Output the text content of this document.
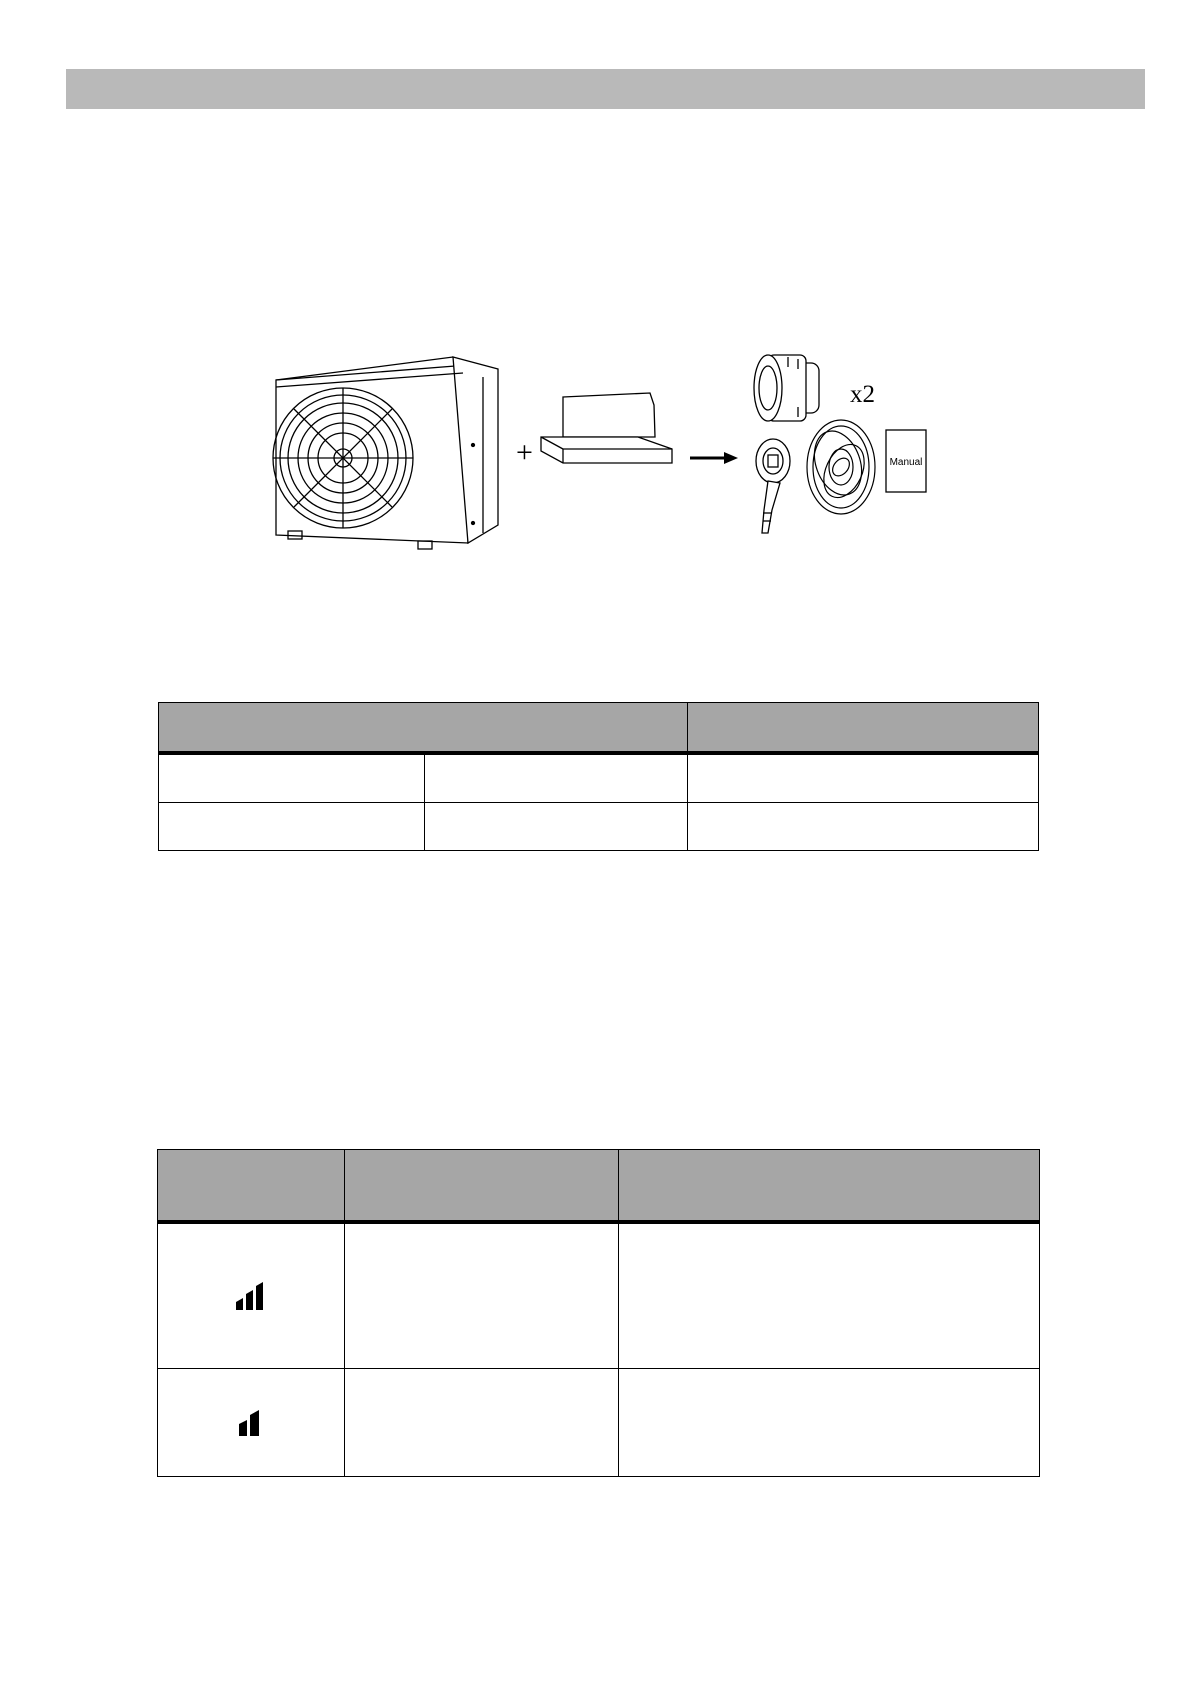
+
x2
Manual
